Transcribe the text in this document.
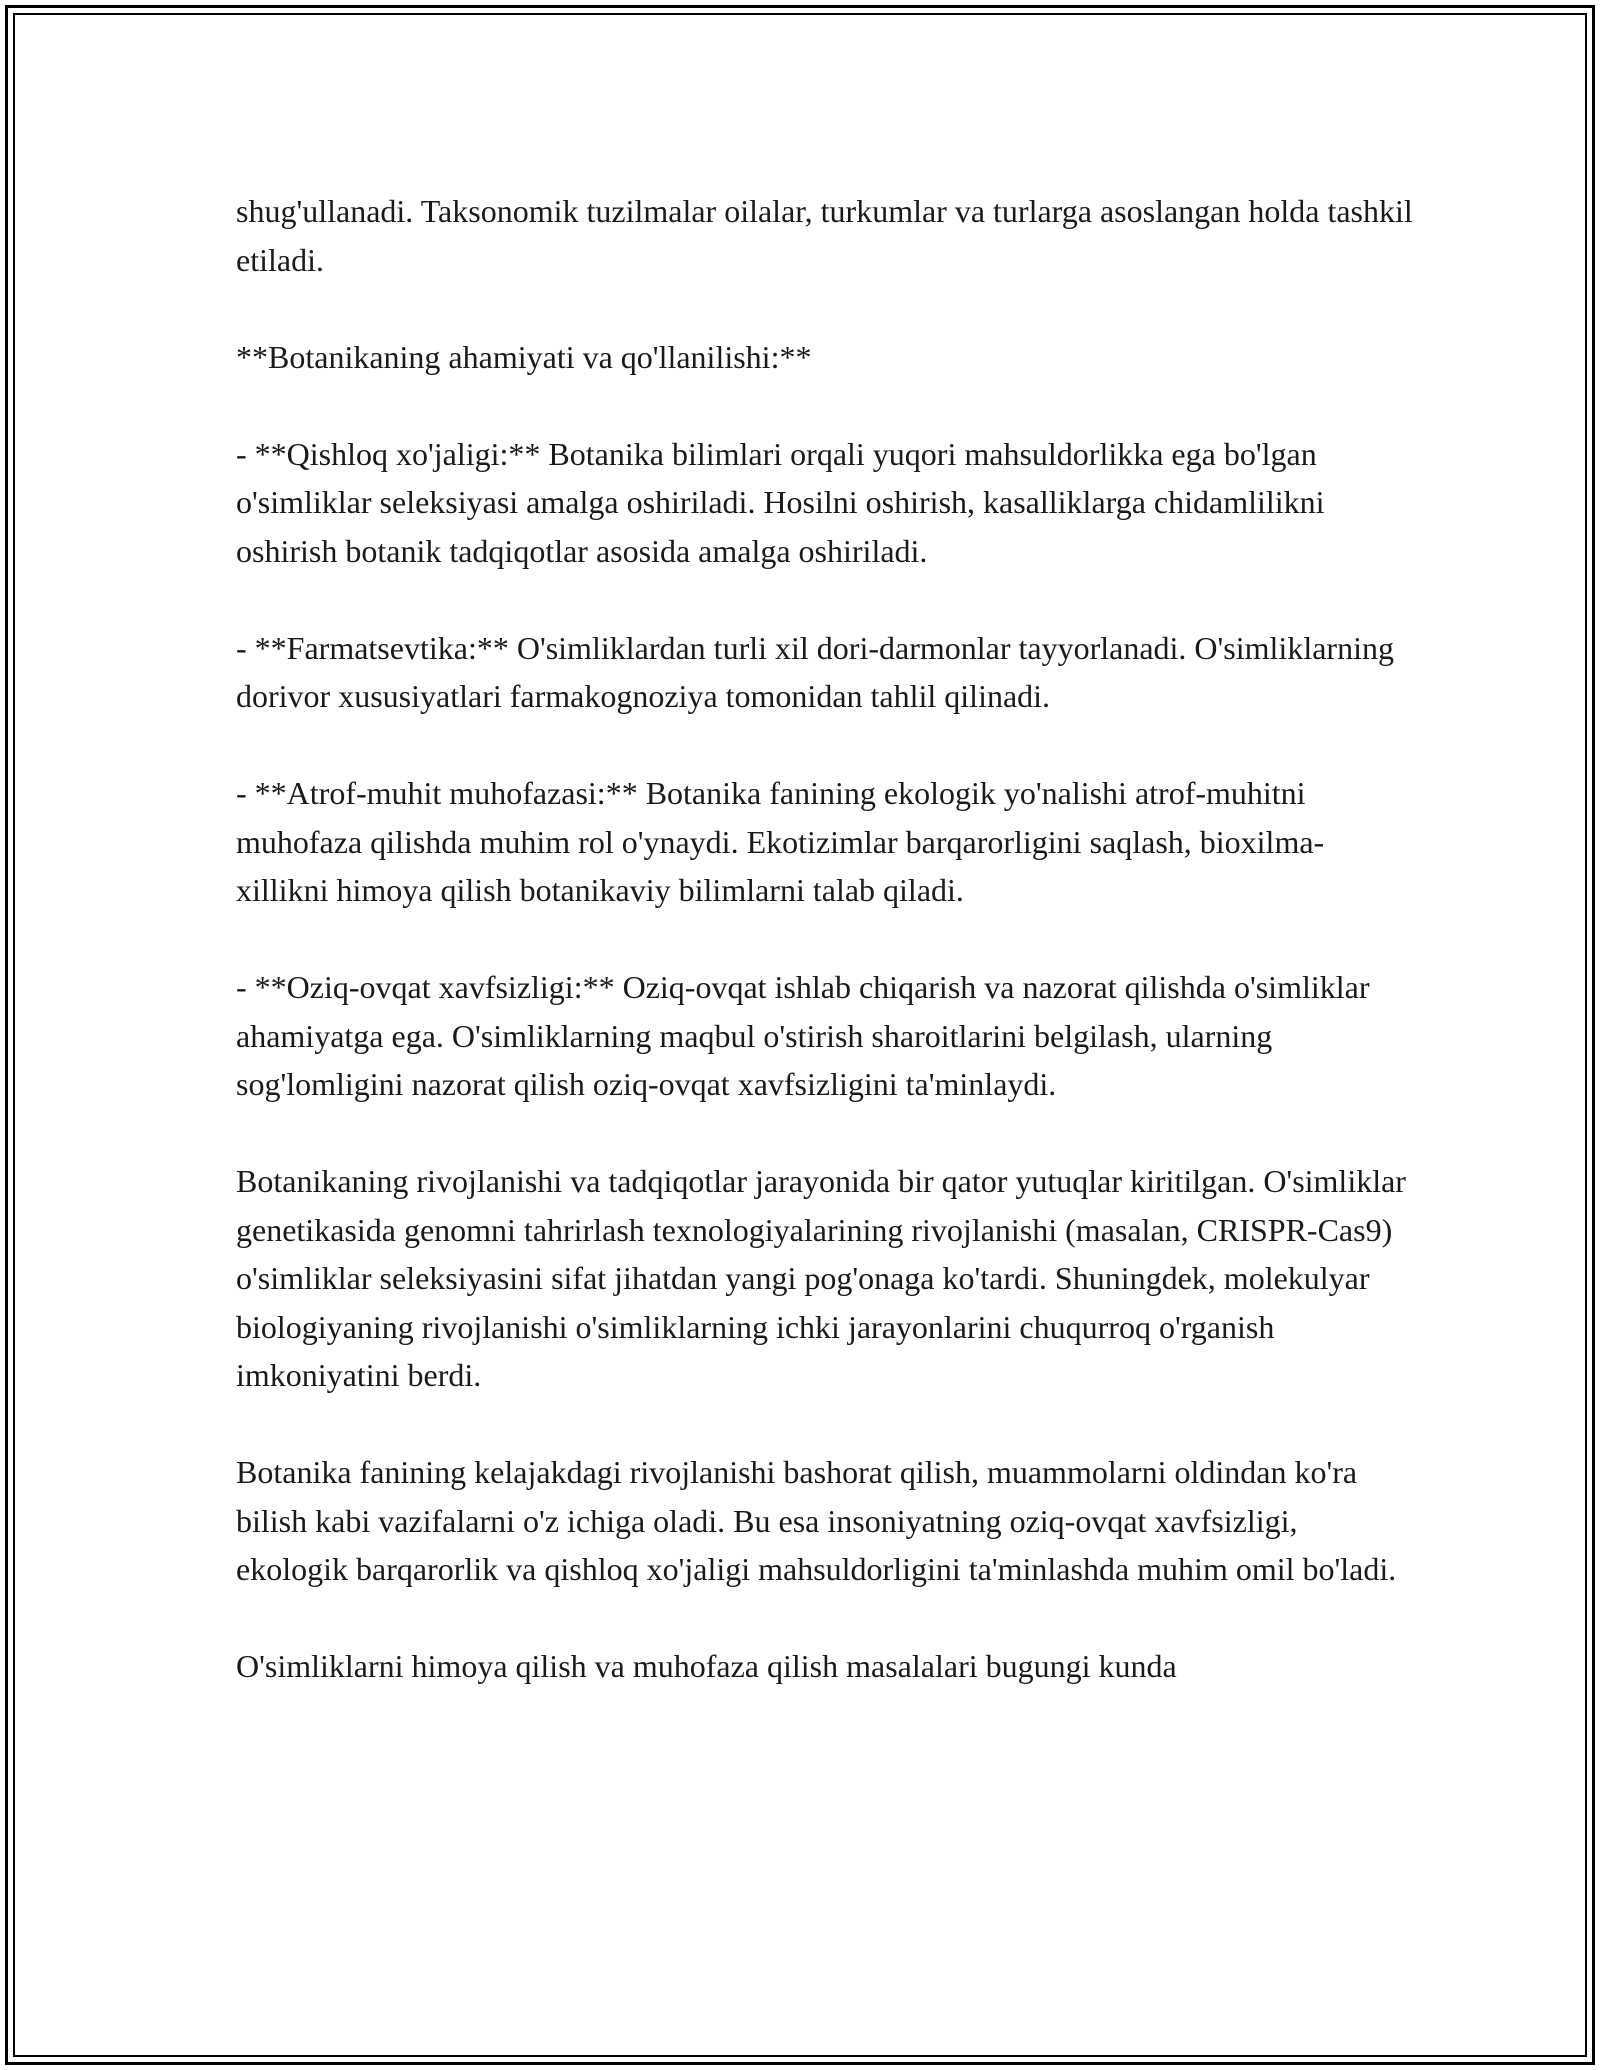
shug'ullanadi. Taksonomik tuzilmalar oilalar, turkumlar va turlarga asoslangan holda tashkil etiladi.

**Botanikaning ahamiyati va qo'llanilishi:**

- **Qishloq xo'jaligi:** Botanika bilimlari orqali yuqori mahsuldorlikka ega bo'lgan o'simliklar seleksiyasi amalga oshiriladi. Hosilni oshirish, kasalliklarga chidamlilikni oshirish botanik tadqiqotlar asosida amalga oshiriladi.

- **Farmatsevtika:** O'simliklardan turli xil dori-darmonlar tayyorlanadi. O'simliklarning dorivor xususiyatlari farmakognoziya tomonidan tahlil qilinadi.

- **Atrof-muhit muhofazasi:** Botanika fanining ekologik yo'nalishi atrof-muhitni muhofaza qilishda muhim rol o'ynaydi. Ekotizimlar barqarorligini saqlash, bioxilma-xillikni himoya qilish botanikaviy bilimlarni talab qiladi.

- **Oziq-ovqat xavfsizligi:** Oziq-ovqat ishlab chiqarish va nazorat qilishda o'simliklar ahamiyatga ega. O'simliklarning maqbul o'stirish sharoitlarini belgilash, ularning sog'lomligini nazorat qilish oziq-ovqat xavfsizligini ta'minlaydi.

Botanikaning rivojlanishi va tadqiqotlar jarayonida bir qator yutuqlar kiritilgan. O'simliklar genetikasida genomni tahrirlash texnologiyalarining rivojlanishi (masalan, CRISPR-Cas9) o'simliklar seleksiyasini sifat jihatdan yangi pog'onaga ko'tardi. Shuningdek, molekulyar biologiyaning rivojlanishi o'simliklarning ichki jarayonlarini chuqurroq o'rganish imkoniyatini berdi.

Botanika fanining kelajakdagi rivojlanishi bashorat qilish, muammolarni oldindan ko'ra bilish kabi vazifalarni o'z ichiga oladi. Bu esa insoniyatning oziq-ovqat xavfsizligi, ekologik barqarorlik va qishloq xo'jaligi mahsuldorligini ta'minlashda muhim omil bo'ladi.

O'simliklarni himoya qilish va muhofaza qilish masalalari bugungi kunda
